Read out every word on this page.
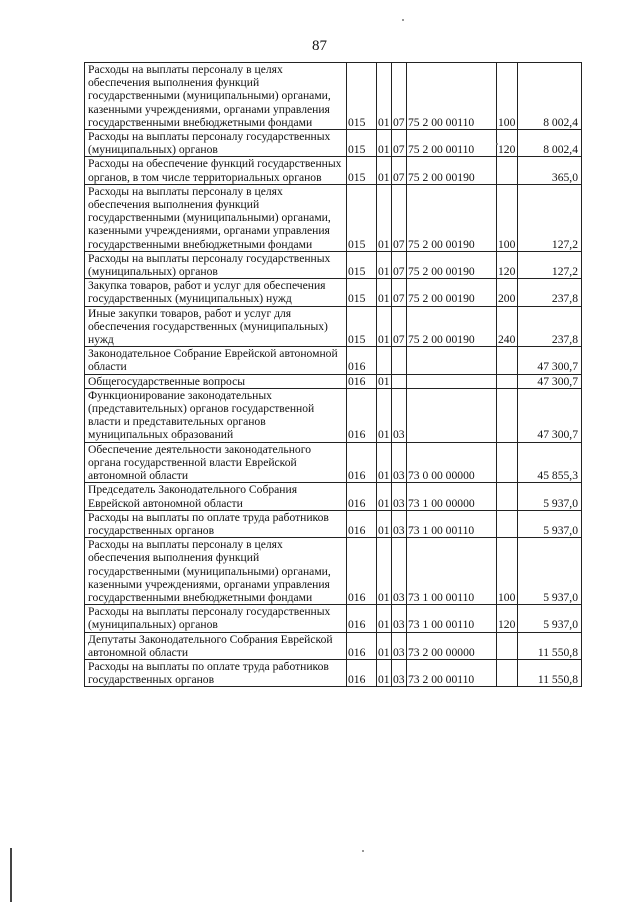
87
Расходы на выплаты персоналу в целях обеспечения выполнения функций государственными (муниципальными) органами, казенными учреждениями, органами управления государственными внебюджетными фондами	015	01	07	75 2 00 00110	100	8 002,4
Расходы на выплаты персоналу государственных (муниципальных) органов	015	01	07	75 2 00 00110	120	8 002,4
Расходы на обеспечение функций государственных органов, в том числе территориальных органов	015	01	07	75 2 00 00190		365,0
Расходы на выплаты персоналу в целях обеспечения выполнения функций государственными (муниципальными) органами, казенными учреждениями, органами управления государственными внебюджетными фондами	015	01	07	75 2 00 00190	100	127,2
Расходы на выплаты персоналу государственных (муниципальных) органов	015	01	07	75 2 00 00190	120	127,2
Закупка товаров, работ и услуг для обеспечения государственных (муниципальных) нужд	015	01	07	75 2 00 00190	200	237,8
Иные закупки товаров, работ и услуг для обеспечения государственных (муниципальных) нужд	015	01	07	75 2 00 00190	240	237,8
Законодательное Собрание Еврейской автономной области	016					47 300,7
Общегосударственные вопросы	016	01				47 300,7
Функционирование законодательных (представительных) органов государственной власти и представительных органов муниципальных образований	016	01	03			47 300,7
Обеспечение деятельности законодательного органа государственной власти Еврейской автономной области	016	01	03	73 0 00 00000		45 855,3
Председатель Законодательного Собрания Еврейской автономной области	016	01	03	73 1 00 00000		5 937,0
Расходы на выплаты по оплате труда работников государственных органов	016	01	03	73 1 00 00110		5 937,0
Расходы на выплаты персоналу в целях обеспечения выполнения функций государственными (муниципальными) органами, казенными учреждениями, органами управления государственными внебюджетными фондами	016	01	03	73 1 00 00110	100	5 937,0
Расходы на выплаты персоналу государственных (муниципальных) органов	016	01	03	73 1 00 00110	120	5 937,0
Депутаты Законодательного Собрания Еврейской автономной области	016	01	03	73 2 00 00000		11 550,8
Расходы на выплаты по оплате труда работников государственных органов	016	01	03	73 2 00 00110		11 550,8
